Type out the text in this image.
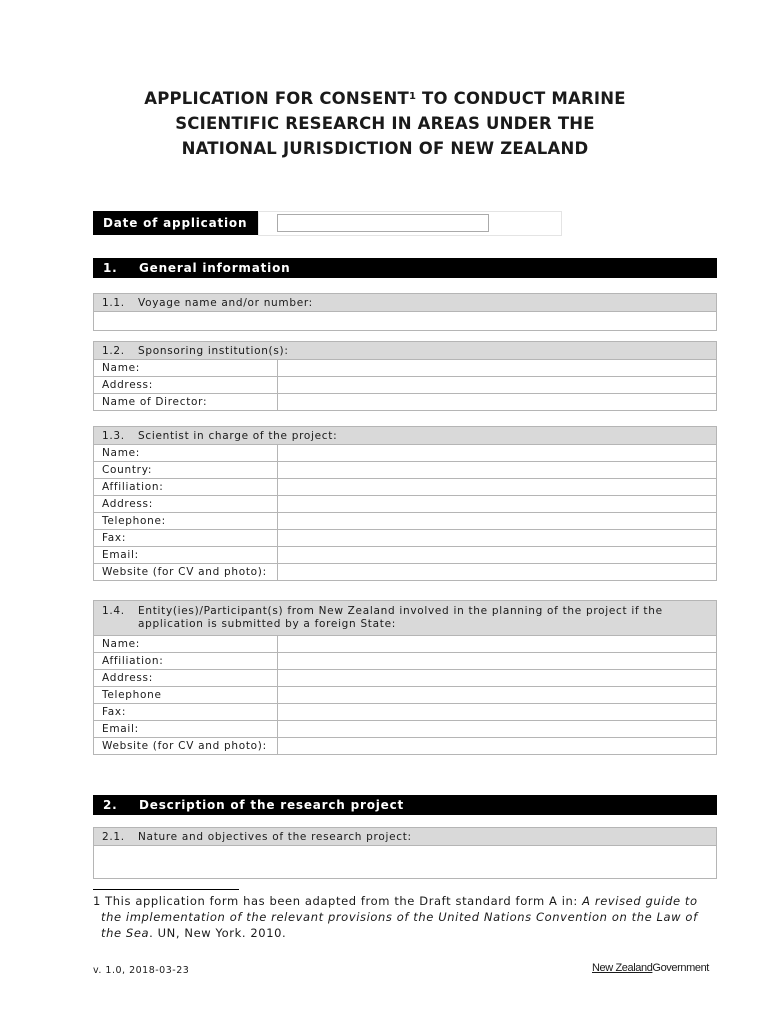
APPLICATION FOR CONSENT$^1$ TO CONDUCT MARINE
SCIENTIFIC RESEARCH IN AREAS UNDER THE
NATIONAL JURISDICTION OF NEW ZEALAND
Date of application
1. General information
1.1. Voyage name and/or number:

1.2. Sponsoring institution(s):	
Name:	
Address:	
Name of Director:	
1.3. Scientist in charge of the project:	
Name:	
Country:	
Affiliation:	
Address:	
Telephone:	
Fax:	
Email:	
Website (for CV and photo):	
1.4. Entity(ies)/Participant(s) from New Zealand involved in the planning of the project if the application is submitted by a foreign State:	
Name:	
Affiliation:	
Address:	
Telephone	
Fax:	
Email:	
Website (for CV and photo):	
2. Description of the research project
2.1. Nature and objectives of the research project:

1 This application form has been adapted from the Draft standard form A in: A revised guide to the implementation of the relevant provisions of the United Nations Convention on the Law of the Sea. UN, New York. 2010.
v. 1.0, 2018-03-23	New ZealandGovernment
